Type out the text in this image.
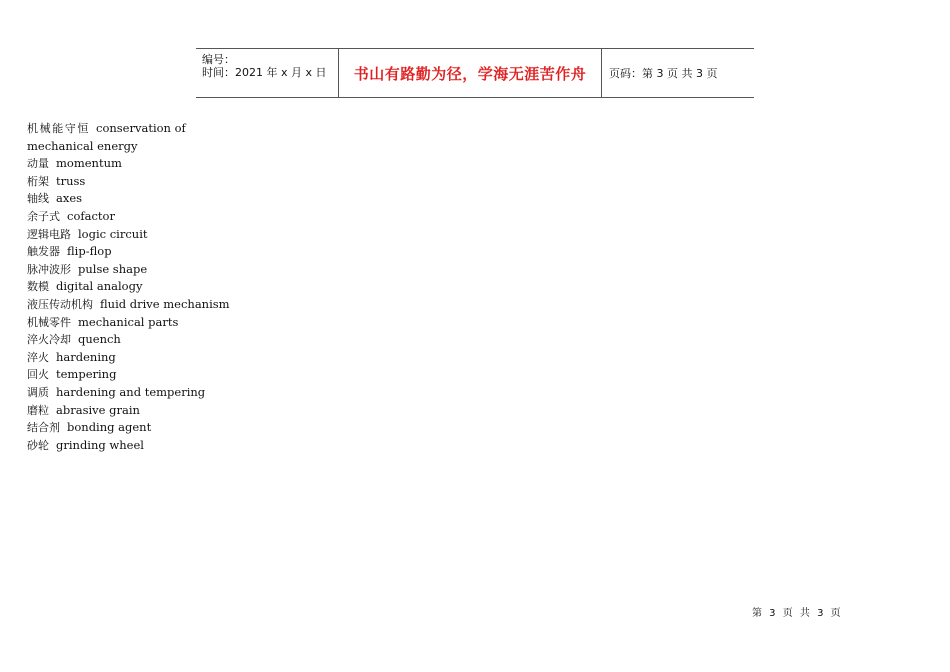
编号：
时间：2021 年 x 月 x 日 书山有路勤为径，学海无涯苦作舟 页码：第 3 页 共 3 页
机械能守恒 conservation of mechanical energy
动量 momentum
桁架 truss
轴线 axes
余子式 cofactor
逻辑电路 logic circuit
触发器 flip-flop
脉冲波形 pulse shape
数模 digital analogy
液压传动机构 fluid drive mechanism
机械零件 mechanical parts
淬火冷却 quench
淬火 hardening
回火 tempering
调质 hardening and tempering
磨粒 abrasive grain
结合剂 bonding agent
砂轮 grinding wheel
第 3 页 共 3 页
